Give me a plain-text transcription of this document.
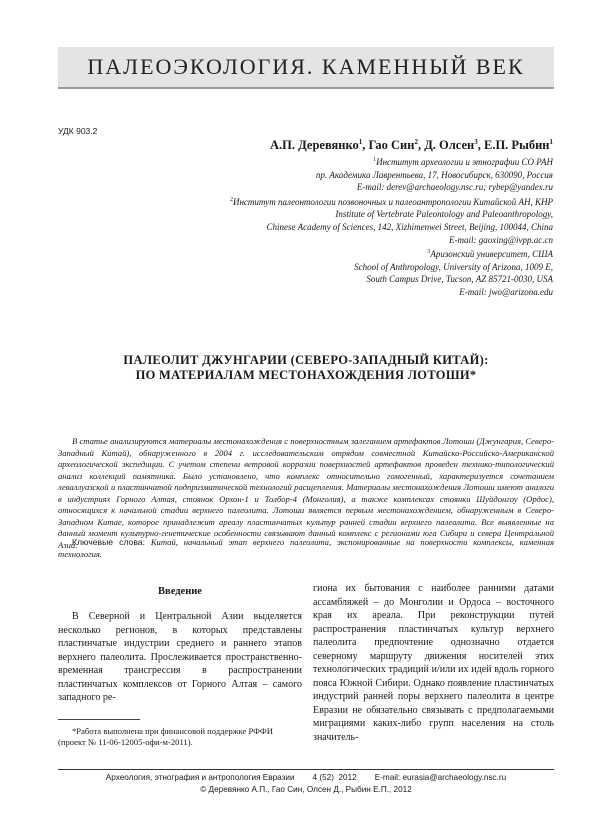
ПАЛЕОЭКОЛОГИЯ. КАМЕННЫЙ ВЕК
УДК 903.2
А.П. Деревянко$^1$, Гао Син$^2$, Д. Олсен$^3$, Е.П. Рыбин$^1$
$^1$Институт археологии и этнографии СО РАН
пр. Академика Лаврентьева, 17, Новосибирск, 630090, Россия
E-mail: derev@archaeology.nsc.ru; rybep@yandex.ru
$^2$Институт палеонтологии позвоночных и палеоантропологии Китайской АН, КНР
Institute of Vertebrate Paleontology and Paleoanthropology,
Chinese Academy of Sciences, 142, Xizhimenwei Street, Beijing, 100044, China
E-mail: gaoxing@ivpp.ac.cn
$^3$Аризонский университет, США
School of Anthropology, University of Arizona, 1009 E,
South Campus Drive, Tucson, AZ 85721-0030, USA
E-mail: jwo@arizona.edu
ПАЛЕОЛИТ ДЖУНГАРИИ (СЕВЕРО-ЗАПАДНЫЙ КИТАЙ):
ПО МАТЕРИАЛАМ МЕСТОНАХОЖДЕНИЯ ЛОТОШИ*

В статье анализируются материалы местонахождения с поверхностным залеганием артефактов Лотоши (Джунгария, Северо-Западный Китай), обнаруженного в 2004 г. исследовательским отрядом совместной Китайско-Российско-Американской археологической экспедиции. С учетом степени ветровой корразии поверхностей артефактов проведен технико-типологический анализ коллекций памятника. Было установлено, что комплекс относительно гомогенный, характеризуется сочетанием леваллуазской и пластинчатой подпризматической технологий расщепления. Материалы местонахождения Лотоши имеют аналоги в индустриях Горного Алтая, стоянок Орхон-1 и Толбор-4 (Монголия), а также комплексах стоянки Шуйдонгоу (Ордос), относящихся к начальной стадии верхнего палеолита. Лотоши является первым местонахождением, обнаруженным в Северо-Западном Китае, которое принадлежит ареалу пластинчатых культур ранней стадии верхнего палеолита. Все выявленные на данный момент культурно-генетические особенности связывают данный комплекс с регионами юга Сибири и севера Центральной Азии.

Ключевые слова: Китай, начальный этап верхнего палеолита, экспонированные на поверхности комплексы, каменная технология.

Введение

В Северной и Центральной Азии выделяется несколько регионов, в которых представлены пластинчатые индустрии среднего и раннего этапов верхнего палеолита. Прослеживается пространственно-временная трансгрессия в распространении пластинчатых комплексов от Горного Алтая – самого западного ре-

*Работа выполнена при финансовой поддержке РФФИ (проект № 11-06-12005-офи-м-2011).

гиона их бытования с наиболее ранними датами ассамбляжей – до Монголии и Ордоса – восточного края их ареала. При реконструкции путей распространения пластинчатых культур верхнего палеолита предпочтение однозначно отдается северному маршруту движения носителей этих технологических традиций и/или их идей вдоль горного пояса Южной Сибири. Однако появление пластинчатых индустрий ранней поры верхнего палеолита в центре Евразии не обязательно связывать с предполагаемыми миграциями каких-либо групп населения на столь значитель-

Археология, этнография и антропология Евразии 4 (52) 2012 E-mail: eurasia@archaeology.nsc.ru
© Деревянко А.П., Гао Син, Олсен Д., Рыбин Е.П., 2012
